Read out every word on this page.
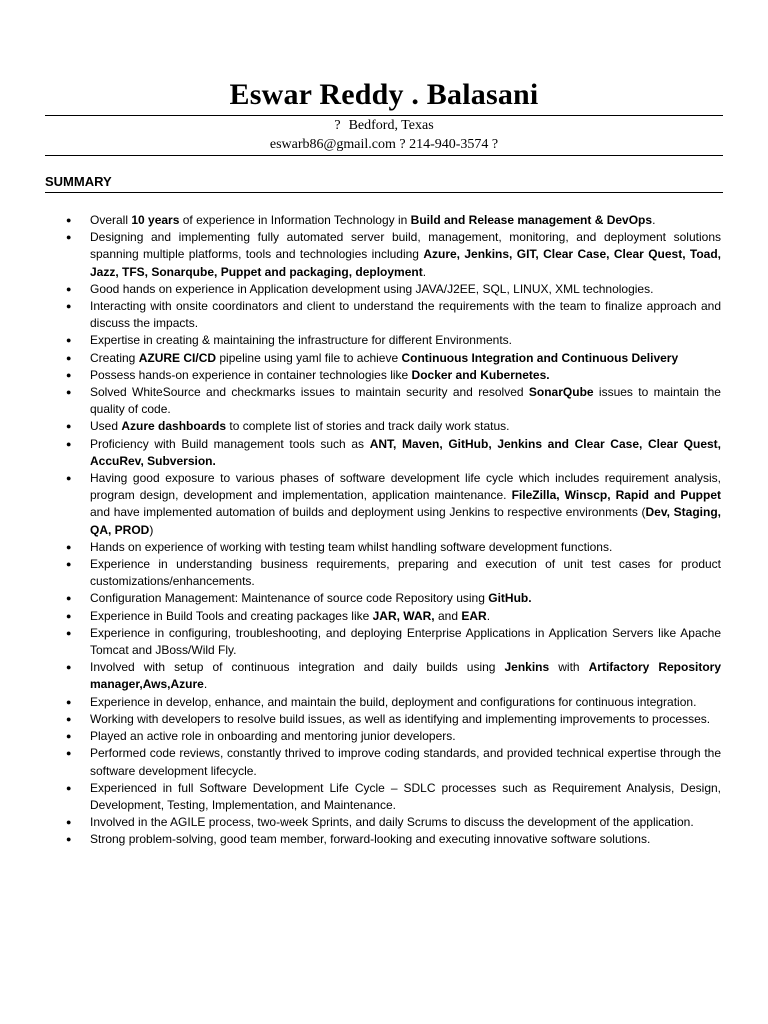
Eswar Reddy . Balasani
? Bedford, Texas
eswarb86@gmail.com ? 214-940-3574 ?
SUMMARY
● Overall 10 years of experience in Information Technology in Build and Release management & DevOps.
● Designing and implementing fully automated server build, management, monitoring, and deployment solutions spanning multiple platforms, tools and technologies including Azure, Jenkins, GIT, Clear Case, Clear Quest, Toad, Jazz, TFS, Sonarqube, Puppet and packaging, deployment.
● Good hands on experience in Application development using JAVA/J2EE, SQL, LINUX, XML technologies.
● Interacting with onsite coordinators and client to understand the requirements with the team to finalize approach and discuss the impacts.
● Expertise in creating & maintaining the infrastructure for different Environments.
● Creating AZURE CI/CD pipeline using yaml file to achieve Continuous Integration and Continuous Delivery
● Possess hands-on experience in container technologies like Docker and Kubernetes.
● Solved WhiteSource and checkmarks issues to maintain security and resolved SonarQube issues to maintain the quality of code.
● Used Azure dashboards to complete list of stories and track daily work status.
● Proficiency with Build management tools such as ANT, Maven, GitHub, Jenkins and Clear Case, Clear Quest, AccuRev, Subversion.
● Having good exposure to various phases of software development life cycle which includes requirement analysis, program design, development and implementation, application maintenance. FileZilla, Winscp, Rapid and Puppet and have implemented automation of builds and deployment using Jenkins to respective environments (Dev, Staging, QA, PROD)
● Hands on experience of working with testing team whilst handling software development functions.
● Experience in understanding business requirements, preparing and execution of unit test cases for product customizations/enhancements.
● Configuration Management: Maintenance of source code Repository using GitHub.
● Experience in Build Tools and creating packages like JAR, WAR, and EAR.
● Experience in configuring, troubleshooting, and deploying Enterprise Applications in Application Servers like Apache Tomcat and JBoss/Wild Fly.
● Involved with setup of continuous integration and daily builds using Jenkins with Artifactory Repository manager,Aws,Azure.
● Experience in develop, enhance, and maintain the build, deployment and configurations for continuous integration.
● Working with developers to resolve build issues, as well as identifying and implementing improvements to processes.
● Played an active role in onboarding and mentoring junior developers.
● Performed code reviews, constantly thrived to improve coding standards, and provided technical expertise through the software development lifecycle.
● Experienced in full Software Development Life Cycle – SDLC processes such as Requirement Analysis, Design, Development, Testing, Implementation, and Maintenance.
● Involved in the AGILE process, two-week Sprints, and daily Scrums to discuss the development of the application.
● Strong problem-solving, good team member, forward-looking and executing innovative software solutions.
